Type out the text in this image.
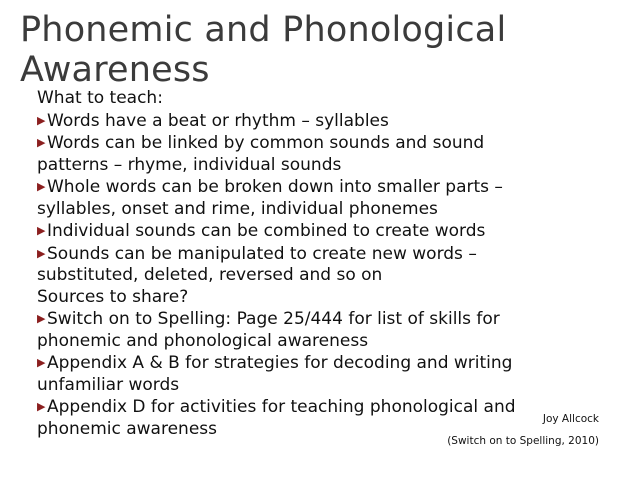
Phonemic and Phonological
Awareness
What to teach:
▶Words have a beat or rhythm – syllables
▶Words can be linked by common sounds and sound
patterns – rhyme, individual sounds
▶Whole words can be broken down into smaller parts –
syllables, onset and rime, individual phonemes
▶Individual sounds can be combined to create words
▶Sounds can be manipulated to create new words –
substituted, deleted, reversed and so on
Sources to share?
▶Switch on to Spelling: Page 25/444 for list of skills for
phonemic and phonological awareness
▶Appendix A & B for strategies for decoding and writing
unfamiliar words
▶Appendix D for activities for teaching phonological and
phonemic awareness	Joy Allcock
(Switch on to Spelling, 2010)
